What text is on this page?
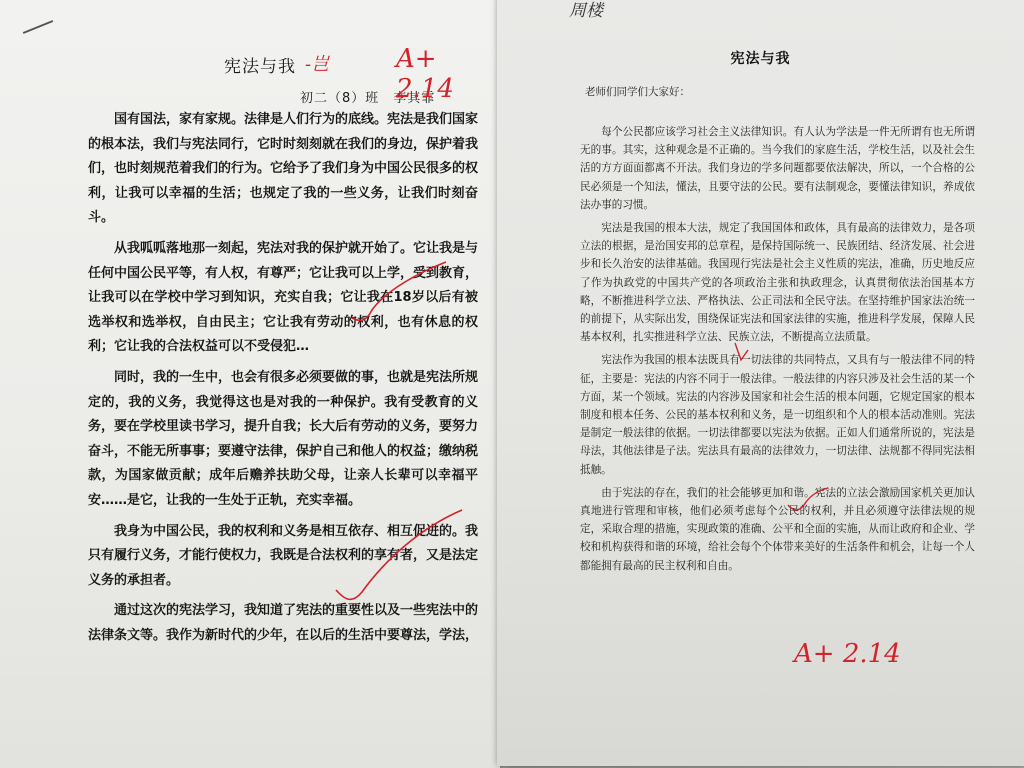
宪法与我
初二（8）班　李其霏

国有国法，家有家规。法律是人们行为的底线。宪法是我们国家的根本法，我们与宪法同行，它时时刻刻就在我们的身边，保护着我们，也时刻规范着我们的行为。它给予了我们身为中国公民很多的权利，让我可以幸福的生活；也规定了我的一些义务，让我们时刻奋斗。

从我呱呱落地那一刻起，宪法对我的保护就开始了。它让我是与任何中国公民平等，有人权，有尊严；它让我可以上学，受到教育，让我可以在学校中学习到知识，充实自我；它让我在18岁以后有被选举权和选举权，自由民主；它让我有劳动的权利，也有休息的权利；它让我的合法权益可以不受侵犯…

同时，我的一生中，也会有很多必须要做的事，也就是宪法所规定的，我的义务，我觉得这也是对我的一种保护。我有受教育的义务，要在学校里读书学习，提升自我；长大后有劳动的义务，要努力奋斗，不能无所事事；要遵守法律，保护自己和他人的权益；缴纳税款，为国家做贡献；成年后赡养扶助父母，让亲人长辈可以幸福平安……是它，让我的一生处于正轨，充实幸福。

我身为中国公民，我的权利和义务是相互依存、相互促进的。我只有履行义务，才能行使权力，我既是合法权利的享有者，又是法定义务的承担者。

通过这次的宪法学习，我知道了宪法的重要性以及一些宪法中的法律条文等。我作为新时代的少年，在以后的生活中要尊法，学法，

-岂	A+ 2.14
周楼
宪法与我
老师们同学们大家好：

每个公民都应该学习社会主义法律知识。有人认为学法是一件无所谓有也无所谓无的事。其实，这种观念是不正确的。当今我们的家庭生活，学校生活，以及社会生活的方方面面都离不开法。我们身边的学多问题都要依法解决，所以，一个合格的公民必须是一个知法，懂法，且要守法的公民。要有法制观念，要懂法律知识，养成依法办事的习惯。

宪法是我国的根本大法，规定了我国国体和政体，具有最高的法律效力，是各项立法的根据，是治国安邦的总章程，是保持国际统一、民族团结、经济发展、社会进步和长久治安的法律基础。我国现行宪法是社会主义性质的宪法，准确，历史地反应了作为执政党的中国共产党的各项政治主张和执政理念，认真贯彻依法治国基本方略，不断推进科学立法、严格执法、公正司法和全民守法。在坚持维护国家法治统一的前提下，从实际出发，围绕保证宪法和国家法律的实施，推进科学发展，保障人民基本权利，扎实推进科学立法、民族立法，不断提高立法质量。

宪法作为我国的根本法既具有一切法律的共同特点，又具有与一般法律不同的特征，主要是：宪法的内容不同于一般法律。一般法律的内容只涉及社会生活的某一个方面，某一个领域。宪法的内容涉及国家和社会生活的根本问题，它规定国家的根本制度和根本任务、公民的基本权利和义务，是一切组织和个人的根本活动准则。宪法是制定一般法律的依据。一切法律都要以宪法为依据。正如人们通常所说的，宪法是母法，其他法律是子法。宪法具有最高的法律效力，一切法律、法规都不得同宪法相抵触。

由于宪法的存在，我们的社会能够更加和谐。宪法的立法会激励国家机关更加认真地进行管理和审核，他们必须考虑每个公民的权利，并且必须遵守法律法规的规定，采取合理的措施，实现政策的准确、公平和全面的实施，从而让政府和企业、学校和机构获得和谐的环境，给社会每个个体带来美好的生活条件和机会，让每一个人都能拥有最高的民主权利和自由。

A+ 2.14
